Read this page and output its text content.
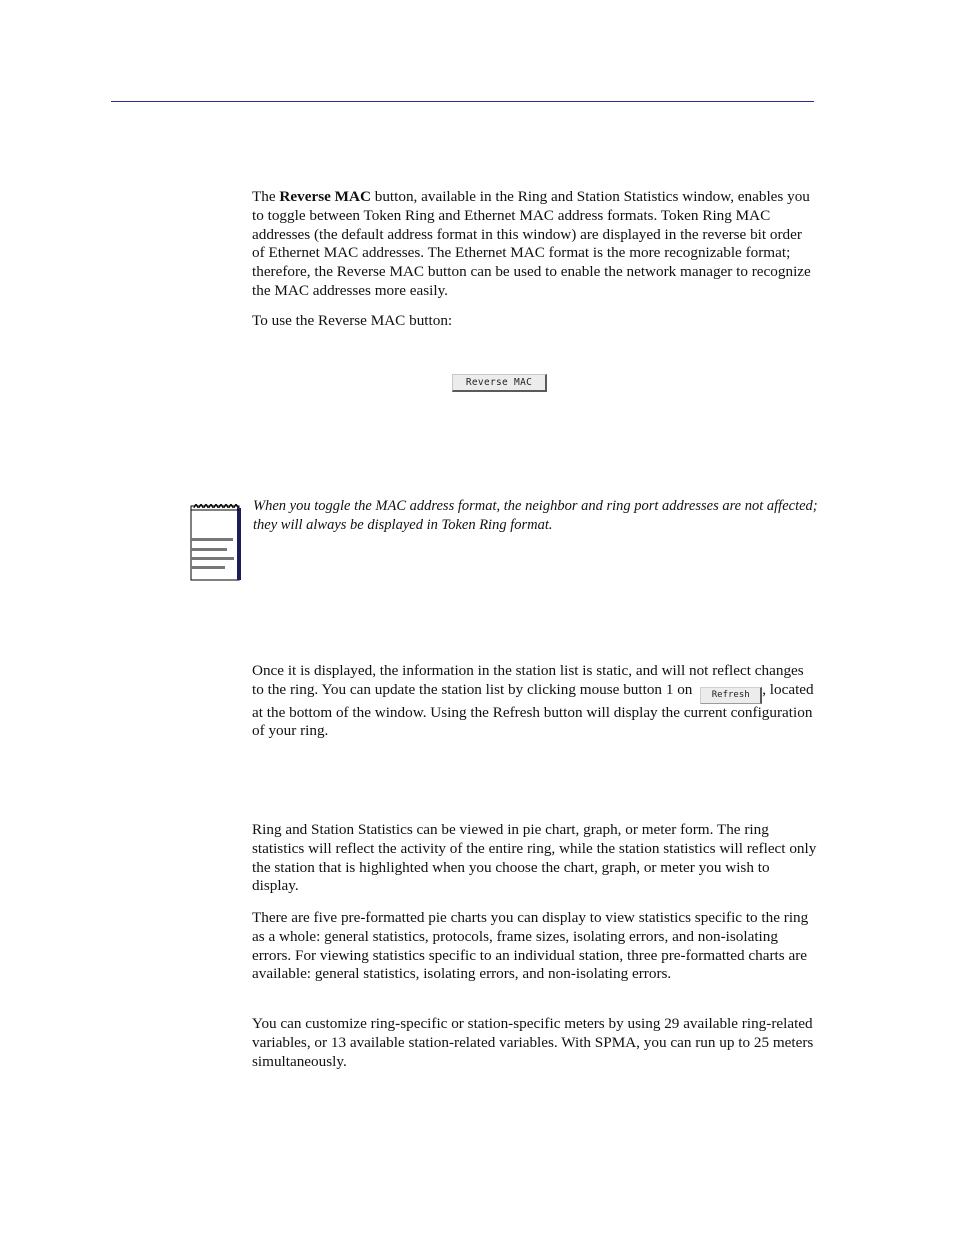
The Reverse MAC button, available in the Ring and Station Statistics window, enables you to toggle between Token Ring and Ethernet MAC address formats. Token Ring MAC addresses (the default address format in this window) are displayed in the reverse bit order of Ethernet MAC addresses. The Ethernet MAC format is the more recognizable format; therefore, the Reverse MAC button can be used to enable the network manager to recognize the MAC addresses more easily.

To use the Reverse MAC button:

Reverse MAC

When you toggle the MAC address format, the neighbor and ring port addresses are not affected; they will always be displayed in Token Ring format.

Once it is displayed, the information in the station list is static, and will not reflect changes to the ring. You can update the station list by clicking mouse button 1 on Refresh , located at the bottom of the window. Using the Refresh button will display the current configuration of your ring.

Ring and Station Statistics can be viewed in pie chart, graph, or meter form. The ring statistics will reflect the activity of the entire ring, while the station statistics will reflect only the station that is highlighted when you choose the chart, graph, or meter you wish to display.

There are five pre-formatted pie charts you can display to view statistics specific to the ring as a whole: general statistics, protocols, frame sizes, isolating errors, and non-isolating errors. For viewing statistics specific to an individual station, three pre-formatted charts are available: general statistics, isolating errors, and non-isolating errors.

You can customize ring-specific or station-specific meters by using 29 available ring-related variables, or 13 available station-related variables. With SPMA, you can run up to 25 meters simultaneously.
